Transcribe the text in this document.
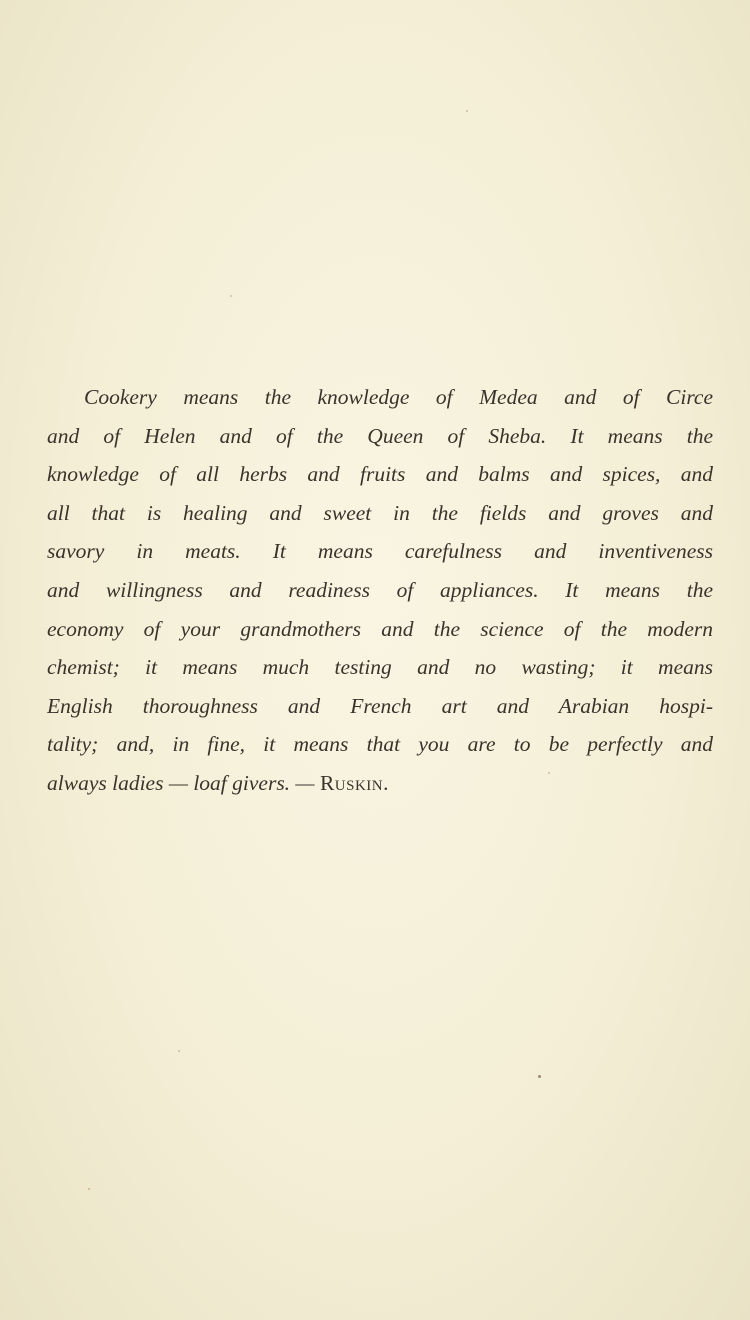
Cookery means the knowledge of Medea and of Circe
and of Helen and of the Queen of Sheba. It means the
knowledge of all herbs and fruits and balms and spices, and
all that is healing and sweet in the fields and groves and
savory in meats. It means carefulness and inventiveness
and willingness and readiness of appliances. It means the
economy of your grandmothers and the science of the modern
chemist; it means much testing and no wasting; it means
English thoroughness and French art and Arabian hospi-
tality; and, in fine, it means that you are to be perfectly and
always ladies — loaf givers. — Ruskin.
